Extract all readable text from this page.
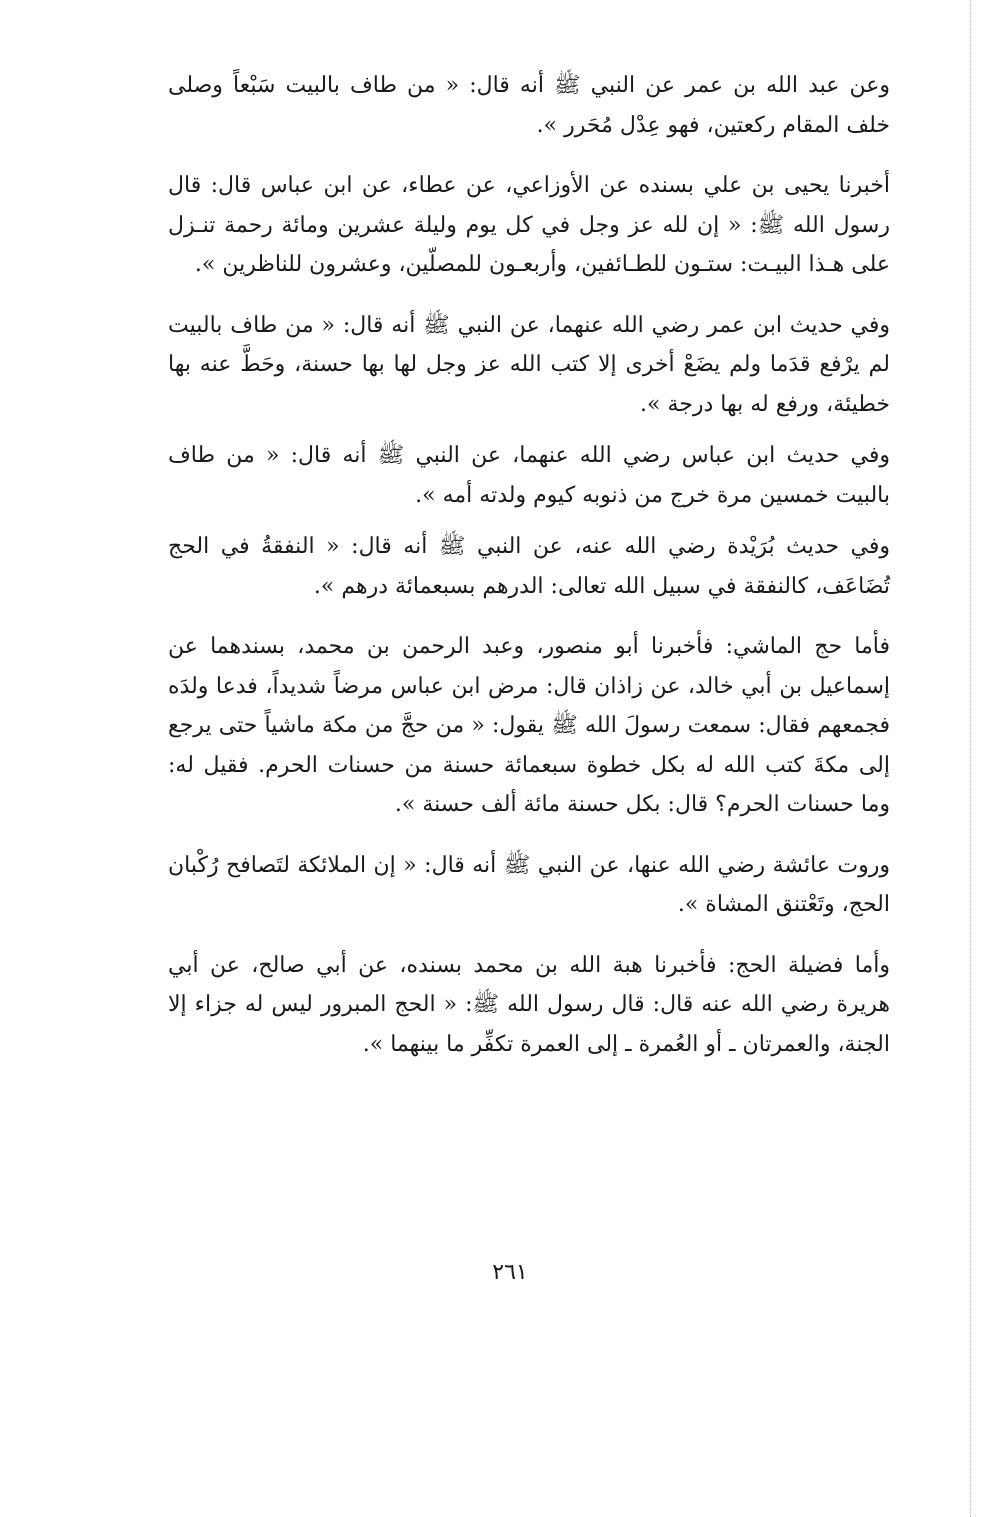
وعن عبد الله بن عمر عن النبي ﷺ أنه قال: « من طاف بالبيت سَبْعاً وصلى خلف المقام ركعتين، فهو عِدْل مُحَرر ».

أخبرنا يحيى بن علي بسنده عن الأوزاعي، عن عطاء، عن ابن عباس قال: قال رسول الله ﷺ: « إن لله عز وجل في كل يوم وليلة عشرين ومائة رحمة تنـزل على هـذا البيـت: ستـون للطـائفين، وأربعـون للمصلّين، وعشرون للناظرين ».

وفي حديث ابن عمر رضي الله عنهما، عن النبي ﷺ أنه قال: « من طاف بالبيت لم يرْفع قدَما ولم يضَعْ أخرى إلا كتب الله عز وجل لها بها حسنة، وحَطَّ عنه بها خطيئة، ورفع له بها درجة ».

وفي حديث ابن عباس رضي الله عنهما، عن النبي ﷺ أنه قال: « من طاف بالبيت خمسين مرة خرج من ذنوبه كيوم ولدته أمه ».

وفي حديث بُرَيْدة رضي الله عنه، عن النبي ﷺ أنه قال: « النفقةُ في الحج تُضَاعَف، كالنفقة في سبيل الله تعالى: الدرهم بسبعمائة درهم ».

فأما حج الماشي: فأخبرنا أبو منصور، وعبد الرحمن بن محمد، بسندهما عن إسماعيل بن أبي خالد، عن زاذان قال: مرض ابن عباس مرضاً شديداً، فدعا ولدَه فجمعهم فقال: سمعت رسولَ الله ﷺ يقول: « من حجَّ من مكة ماشياً حتى يرجع إلى مكةَ كتب الله له بكل خطوة سبعمائة حسنة من حسنات الحرم. فقيل له: وما حسنات الحرم؟ قال: بكل حسنة مائة ألف حسنة ».

وروت عائشة رضي الله عنها، عن النبي ﷺ أنه قال: « إن الملائكة لتَصافح رُكْبان الحج، وتَعْتنق المشاة ».

وأما فضيلة الحج: فأخبرنا هبة الله بن محمد بسنده، عن أبي صالح، عن أبي هريرة رضي الله عنه قال: قال رسول الله ﷺ: « الحج المبرور ليس له جزاء إلا الجنة، والعمرتان ـ أو العُمرة ـ إلى العمرة تكفِّر ما بينهما ».

٢٦١
